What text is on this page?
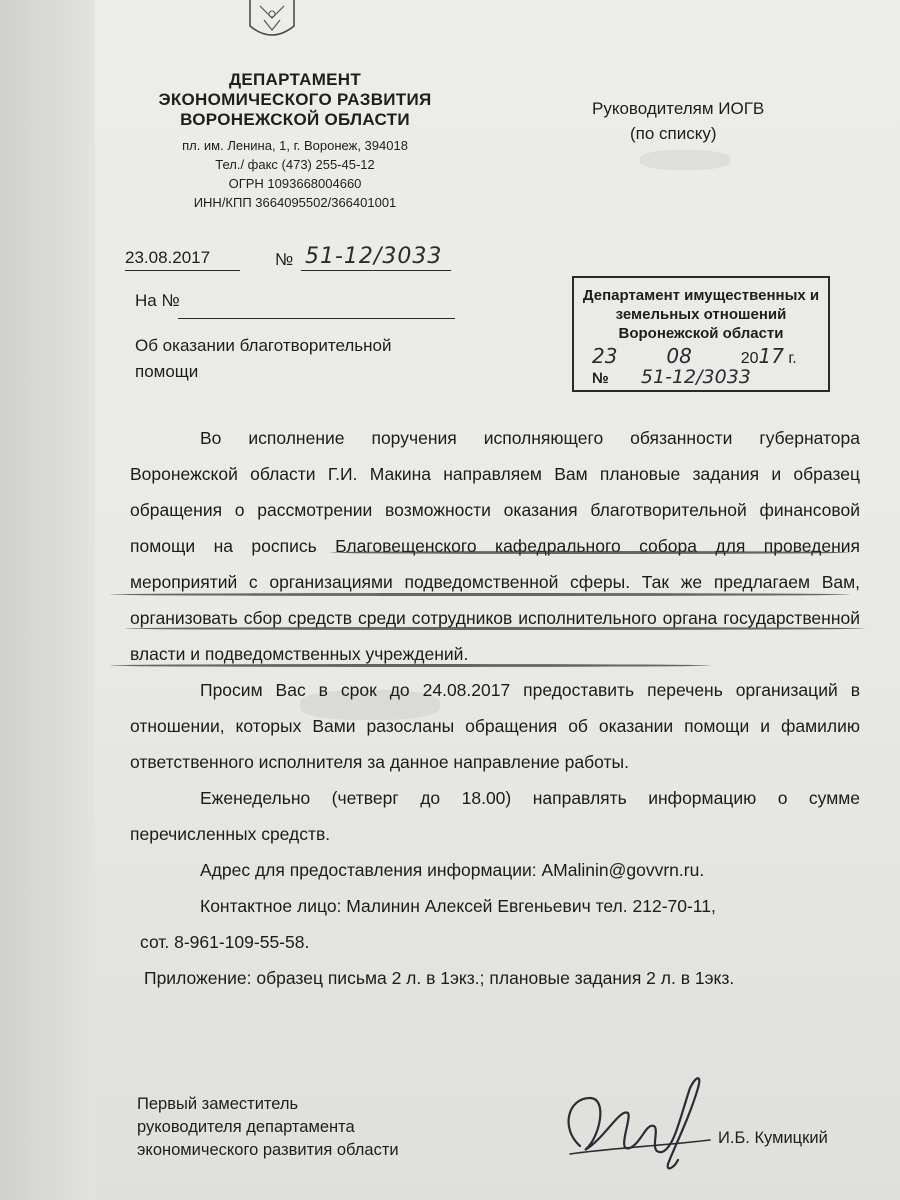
ДЕПАРТАМЕНТ
ЭКОНОМИЧЕСКОГО РАЗВИТИЯ
ВОРОНЕЖСКОЙ ОБЛАСТИ
пл. им. Ленина, 1, г. Воронеж, 394018
Тел./ факс (473) 255-45-12
ОГРН 1093668004660
ИНН/КПП 3664095502/366401001
Руководителям ИОГВ
(по списку)
23.08.2017	№ 51-12/3033
На №
Об оказании благотворительной помощи
Департамент имущественных и земельных отношений Воронежской области
23 08	2017 г.
№ 51-12/3033

Во исполнение поручения исполняющего обязанности губернатора Воронежской области Г.И. Макина направляем Вам плановые задания и образец обращения о рассмотрении возможности оказания благотворительной финансовой помощи на роспись Благовещенского кафедрального собора для проведения мероприятий с организациями подведомственной сферы. Так же предлагаем Вам, организовать сбор средств среди сотрудников исполнительного органа государственной власти и подведомственных учреждений.

Просим Вас в срок до 24.08.2017 предоставить перечень организаций в отношении, которых Вами разосланы обращения об оказании помощи и фамилию ответственного исполнителя за данное направление работы.

Еженедельно (четверг до 18.00) направлять информацию о сумме перечисленных средств.

Адрес для предоставления информации: AMalinin@govvrn.ru.

Контактное лицо: Малинин Алексей Евгеньевич тел. 212-70-11,

сот. 8-961-109-55-58.

Приложение: образец письма 2 л. в 1экз.; плановые задания 2 л. в 1экз.

Первый заместитель
руководителя департамента
экономического развития области
И.Б. Кумицкий
